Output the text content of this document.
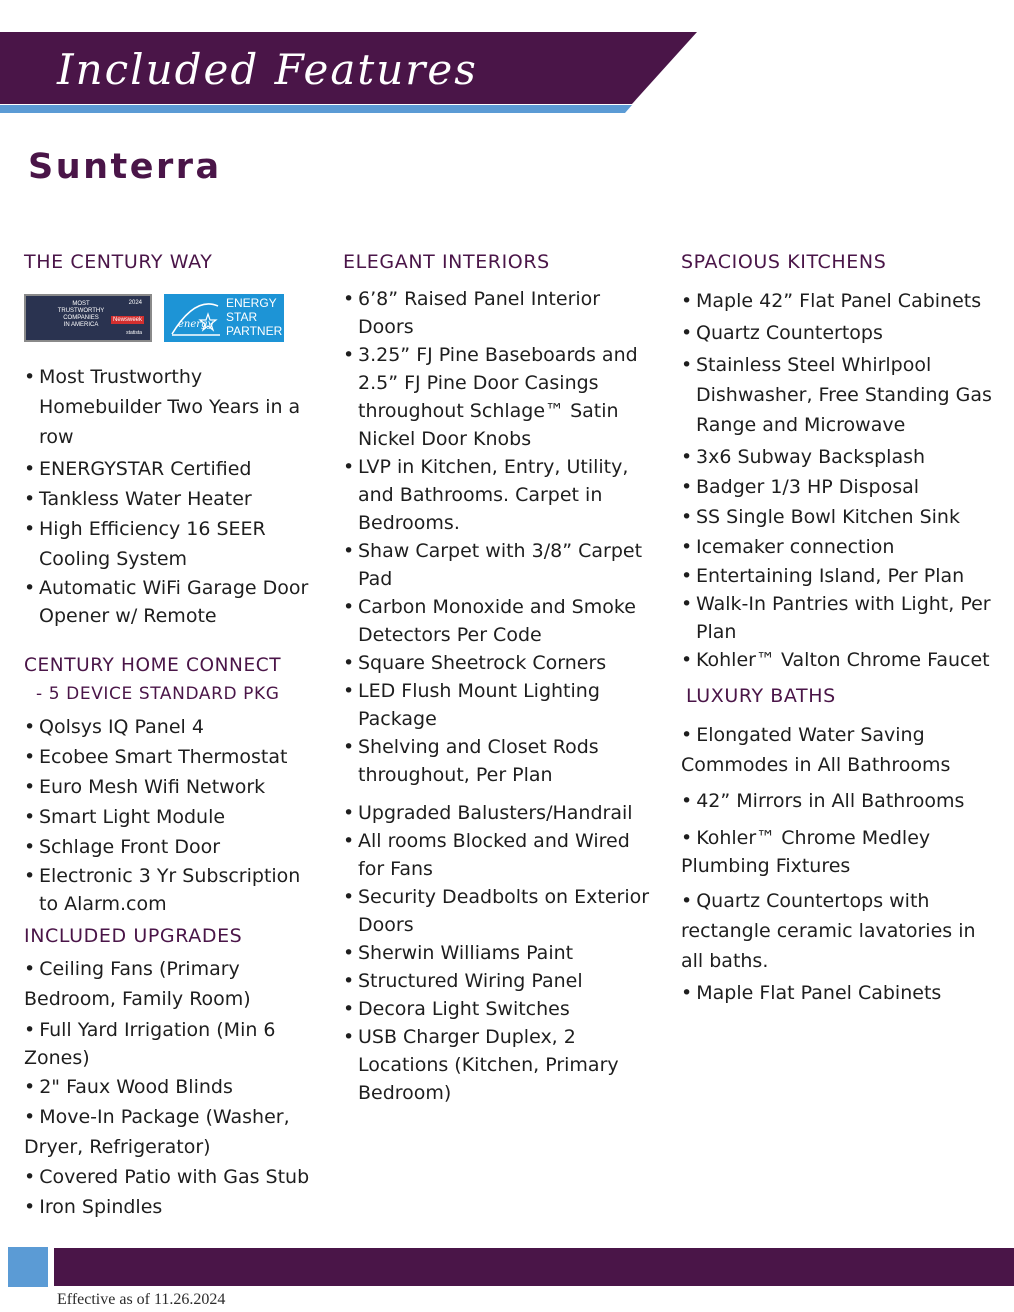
Included Features
Sunterra
THE CENTURY WAY
MOST
TRUSTWORTHY
COMPANIES
IN AMERICA
2024
Newsweek
statista
energy
ENERGY
STAR
PARTNER
• Most Trustworthy Homebuilder Two Years in a row
• ENERGYSTAR Certified
• Tankless Water Heater
• High Efficiency 16 SEER Cooling System
• Automatic WiFi Garage Door Opener w/ Remote
CENTURY HOME CONNECT

- 5 DEVICE STANDARD PKG

• Qolsys IQ Panel 4
• Ecobee Smart Thermostat
• Euro Mesh Wifi Network
• Smart Light Module
• Schlage Front Door
• Electronic 3 Yr Subscription to Alarm.com
INCLUDED UPGRADES
• Ceiling Fans (Primary Bedroom, Family Room)
• Full Yard Irrigation (Min 6 Zones)
• 2" Faux Wood Blinds
• Move-In Package (Washer, Dryer, Refrigerator)
• Covered Patio with Gas Stub
• Iron Spindles
ELEGANT INTERIORS
• 6’8” Raised Panel Interior Doors
• 3.25” FJ Pine Baseboards and 2.5” FJ Pine Door Casings throughout Schlage™ Satin Nickel Door Knobs
• LVP in Kitchen, Entry, Utility, and Bathrooms. Carpet in Bedrooms.
• Shaw Carpet with 3/8” Carpet Pad
• Carbon Monoxide and Smoke Detectors Per Code
• Square Sheetrock Corners
• LED Flush Mount Lighting Package
• Shelving and Closet Rods throughout, Per Plan
• Upgraded Balusters/Handrail
• All rooms Blocked and Wired for Fans
• Security Deadbolts on Exterior Doors
• Sherwin Williams Paint
• Structured Wiring Panel
• Decora Light Switches
• USB Charger Duplex, 2 Locations (Kitchen, Primary Bedroom)
SPACIOUS KITCHENS
• Maple 42” Flat Panel Cabinets
• Quartz Countertops
• Stainless Steel Whirlpool Dishwasher, Free Standing Gas Range and Microwave
• 3x6 Subway Backsplash
• Badger 1/3 HP Disposal
• SS Single Bowl Kitchen Sink
• Icemaker connection
• Entertaining Island, Per Plan
• Walk-In Pantries with Light, Per Plan
• Kohler™ Valton Chrome Faucet
LUXURY BATHS
• Elongated Water Saving Commodes in All Bathrooms
• 42” Mirrors in All Bathrooms
• Kohler™ Chrome Medley Plumbing Fixtures
• Quartz Countertops with rectangle ceramic lavatories in all baths.
• Maple Flat Panel Cabinets

Effective as of 11.26.2024
